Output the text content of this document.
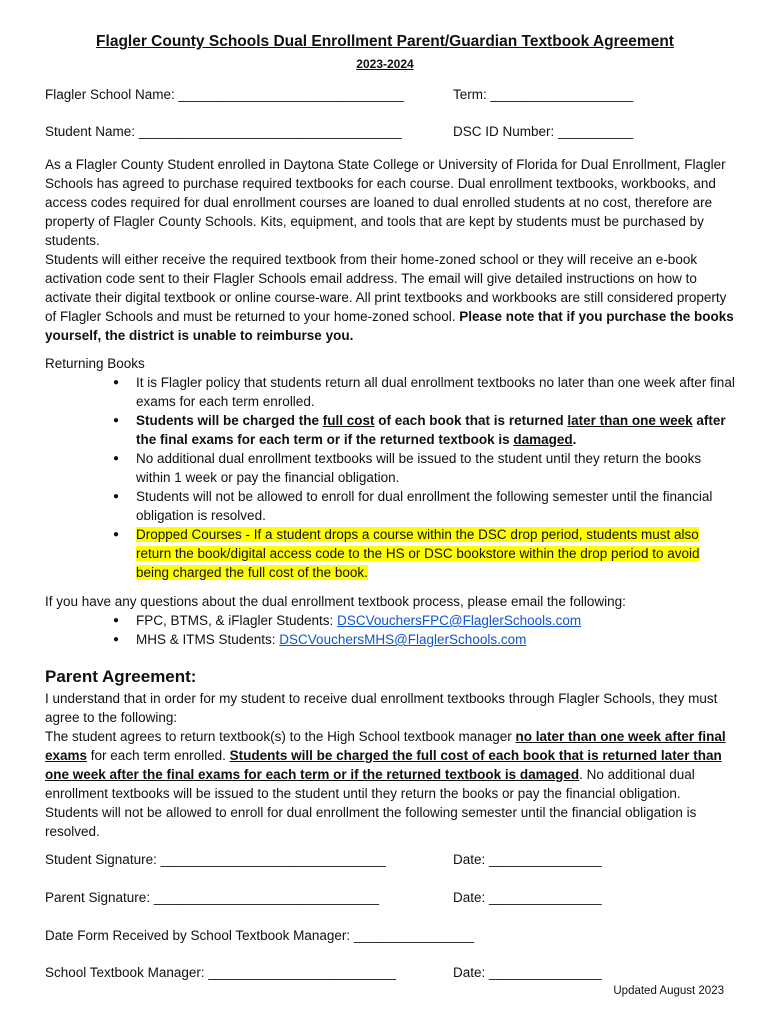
Flagler County Schools Dual Enrollment Parent/Guardian Textbook Agreement
2023-2024
Flagler School Name: ______________________________	Term: ___________________
Student Name: ___________________________________	DSC ID Number: __________

As a Flagler County Student enrolled in Daytona State College or University of Florida for Dual Enrollment, Flagler Schools has agreed to purchase required textbooks for each course. Dual enrollment textbooks, workbooks, and access codes required for dual enrollment courses are loaned to dual enrolled students at no cost, therefore are property of Flagler County Schools. Kits, equipment, and tools that are kept by students must be purchased by students.

Students will either receive the required textbook from their home-zoned school or they will receive an e-book activation code sent to their Flagler Schools email address. The email will give detailed instructions on how to activate their digital textbook or online course-ware. All print textbooks and workbooks are still considered property of Flagler Schools and must be returned to your home-zoned school. Please note that if you purchase the books yourself, the district is unable to reimburse you.

Returning Books

● It is Flagler policy that students return all dual enrollment textbooks no later than one week after final exams for each term enrolled.
● Students will be charged the full cost of each book that is returned later than one week after the final exams for each term or if the returned textbook is damaged.
● No additional dual enrollment textbooks will be issued to the student until they return the books within 1 week or pay the financial obligation.
● Students will not be allowed to enroll for dual enrollment the following semester until the financial obligation is resolved.
● Dropped Courses - If a student drops a course within the DSC drop period, students must also return the book/digital access code to the HS or DSC bookstore within the drop period to avoid being charged the full cost of the book.

If you have any questions about the dual enrollment textbook process, please email the following:

● FPC, BTMS, & iFlagler Students: DSCVouchersFPC@FlaglerSchools.com
● MHS & ITMS Students: DSCVouchersMHS@FlaglerSchools.com
Parent Agreement:

I understand that in order for my student to receive dual enrollment textbooks through Flagler Schools, they must agree to the following:

The student agrees to return textbook(s) to the High School textbook manager no later than one week after final exams for each term enrolled. Students will be charged the full cost of each book that is returned later than one week after the final exams for each term or if the returned textbook is damaged. No additional dual enrollment textbooks will be issued to the student until they return the books or pay the financial obligation. Students will not be allowed to enroll for dual enrollment the following semester until the financial obligation is resolved.

Student Signature: ______________________________	Date: _______________
Parent Signature: ______________________________	Date: _______________
Date Form Received by School Textbook Manager: ________________
School Textbook Manager: _________________________	Date: _______________
Updated August 2023
